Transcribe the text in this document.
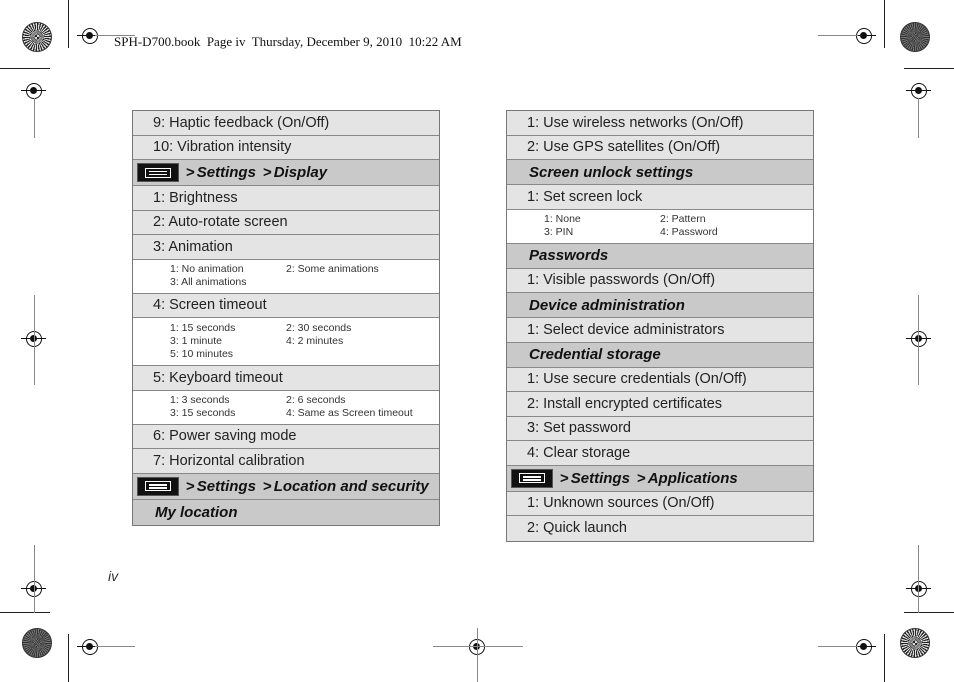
SPH-D700.book  Page iv  Thursday, December 9, 2010  10:22 AM
iv
9: Haptic feedback (On/Off)
10: Vibration intensity
> Settings > Display
1: Brightness
2: Auto-rotate screen
3: Animation
1: No animation	2: Some animations
3: All animations
4: Screen timeout
1: 15 seconds	2: 30 seconds
3: 1 minute	4: 2 minutes
5: 10 minutes
5: Keyboard timeout
1: 3 seconds	2: 6 seconds
3: 15 seconds	4: Same as Screen timeout
6: Power saving mode
7: Horizontal calibration
> Settings > Location and security
My location
1: Use wireless networks (On/Off)
2: Use GPS satellites (On/Off)
Screen unlock settings
1: Set screen lock
1: None	2: Pattern
3: PIN	4: Password
Passwords
1: Visible passwords (On/Off)
Device administration
1: Select device administrators
Credential storage
1: Use secure credentials (On/Off)
2: Install encrypted certificates
3: Set password
4: Clear storage
> Settings > Applications
1: Unknown sources (On/Off)
2: Quick launch
